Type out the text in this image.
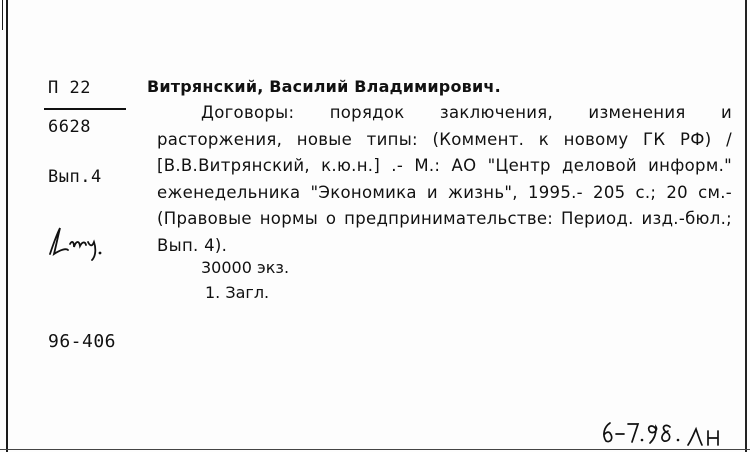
П 22
6628
Вып.4
96-406
Витрянский, Василий Владимирович.

Договоры: порядок заключения, изменения и расторжения, новые типы: (Коммент. к новому ГК РФ) / [В.В.Витрянский, к.ю.н.] .- М.: АО "Центр деловой информ." еженедельника "Экономика и жизнь", 1995.- 205 с.; 20 см.- (Правовые нормы о предпринимательстве: Период. изд.-бюл.; Вып. 4).

30000 экз.
1. Загл.
